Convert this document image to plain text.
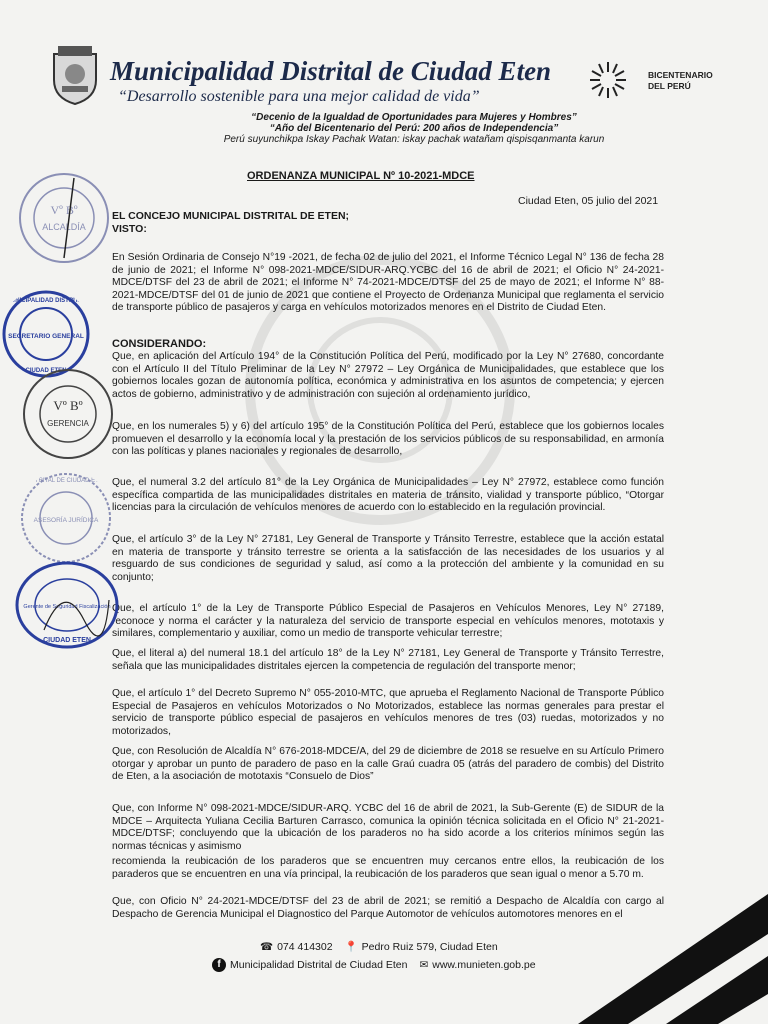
Municipalidad Distrital de Ciudad Eten
“Desarrollo sostenible para una mejor calidad de vida”
BICENTENARIO
DEL PERÚ
“Decenio de la Igualdad de Oportunidades para Mujeres y Hombres”
“Año del Bicentenario del Perú: 200 años de Independencia”
Perú suyunchikpa Iskay Pachak Watan: iskay pachak watañam qispisqanmanta karun
ORDENANZA MUNICIPAL Nº 10-2021-MDCE
Ciudad Eten, 05 julio del 2021
EL CONCEJO MUNICIPAL DISTRITAL DE ETEN;
VISTO:
En Sesión Ordinaria de Consejo N°19 -2021, de fecha 02 de julio del 2021, el Informe Técnico Legal N° 136 de fecha 28 de junio de 2021; el Informe N° 098-2021-MDCE/SIDUR-ARQ.YCBC del 16 de abril de 2021; el Oficio N° 24-2021-MDCE/DTSF del 23 de abril de 2021; el Informe N° 74-2021-MDCE/DTSF del 25 de mayo de 2021; el Informe N° 88-2021-MDCE/DTSF del 01 de junio de 2021 que contiene el Proyecto de Ordenanza Municipal que reglamenta el servicio de transporte público de pasajeros y carga en vehículos motorizados menores en el Distrito de Ciudad Eten.
CONSIDERANDO:
Que, en aplicación del Artículo 194° de la Constitución Política del Perú, modificado por la Ley N° 27680, concordante con el Artículo II del Título Preliminar de la Ley N° 27972 – Ley Orgánica de Municipalidades, que establece que los gobiernos locales gozan de autonomía política, económica y administrativa en los asuntos de competencia; y ejercen actos de gobierno, administrativo y de administración con sujeción al ordenamiento jurídico,
Que, en los numerales 5) y 6) del artículo 195° de la Constitución Política del Perú, establece que los gobiernos locales promueven el desarrollo y la economía local y la prestación de los servicios públicos de su responsabilidad, en armonía con las políticas y planes nacionales y regionales de desarrollo,
Que, el numeral 3.2 del artículo 81° de la Ley Orgánica de Municipalidades – Ley N° 27972, establece como función específica compartida de las municipalidades distritales en materia de tránsito, vialidad y transporte público, “Otorgar licencias para la circulación de vehículos menores de acuerdo con lo establecido en la regulación provincial.
Que, el artículo 3° de la Ley N° 27181, Ley General de Transporte y Tránsito Terrestre, establece que la acción estatal en materia de transporte y tránsito terrestre se orienta a la satisfacción de las necesidades de los usuarios y al resguardo de sus condiciones de seguridad y salud, así como a la protección del ambiente y la comunidad en su conjunto;
Que, el artículo 1° de la Ley de Transporte Público Especial de Pasajeros en Vehículos Menores, Ley N° 27189, reconoce y norma el carácter y la naturaleza del servicio de transporte especial en vehículos menores, mototaxis y similares, complementario y auxiliar, como un medio de transporte vehicular terrestre;
Que, el literal a) del numeral 18.1 del artículo 18° de la Ley N° 27181, Ley General de Transporte y Tránsito Terrestre, señala que las municipalidades distritales ejercen la competencia de regulación del transporte menor;
Que, el artículo 1° del Decreto Supremo N° 055-2010-MTC, que aprueba el Reglamento Nacional de Transporte Público Especial de Pasajeros en vehículos Motorizados o No Motorizados, establece las normas generales para prestar el servicio de transporte público especial de pasajeros en vehículos menores de tres (03) ruedas, motorizados y no motorizados,
Que, con Resolución de Alcaldía N° 676-2018-MDCE/A, del 29 de diciembre de 2018 se resuelve en su Artículo Primero otorgar y aprobar un punto de paradero de paso en la calle Graú cuadra 05 (atrás del paradero de combis) del Distrito de Eten, a la asociación de mototaxis “Consuelo de Dios”
Que, con Informe N° 098-2021-MDCE/SIDUR-ARQ. YCBC del 16 de abril de 2021, la Sub-Gerente (E) de SIDUR de la MDCE – Arquitecta Yuliana Cecilia Barturen Carrasco, comunica la opinión técnica solicitada en el Oficio N° 21-2021-MDCE/DTSF; concluyendo que la ubicación de los paraderos no ha sido acorde a los criterios mínimos según las normas técnicas y asimismo
recomienda la reubicación de los paraderos que se encuentren muy cercanos entre ellos, la reubicación de los paraderos que se encuentren en una vía principal, la reubicación de los paraderos que sean igual o menor a 5.70 m.
Que, con Oficio N° 24-2021-MDCE/DTSF del 23 de abril de 2021; se remitió a Despacho de Alcaldía con cargo al Despacho de Gerencia Municipal el Diagnostico del Parque Automotor de vehículos automotores menores en el
Vº Bº
ALCALDÍA
MUNICIPALIDAD DISTRITAL
SECRETARIO GENERAL
CIUDAD ETEN
Vº Bº
GERENCIA
DISTRITAL DE CIUDAD ETEN
ASESORÍA JURÍDICA
Gerente de Seguridad Fiscalización
CIUDAD ETEN
☎ 074 414302 📍 Pedro Ruiz 579, Ciudad Eten
f Municipalidad Distrital de Ciudad Eten ✉ www.munieten.gob.pe
